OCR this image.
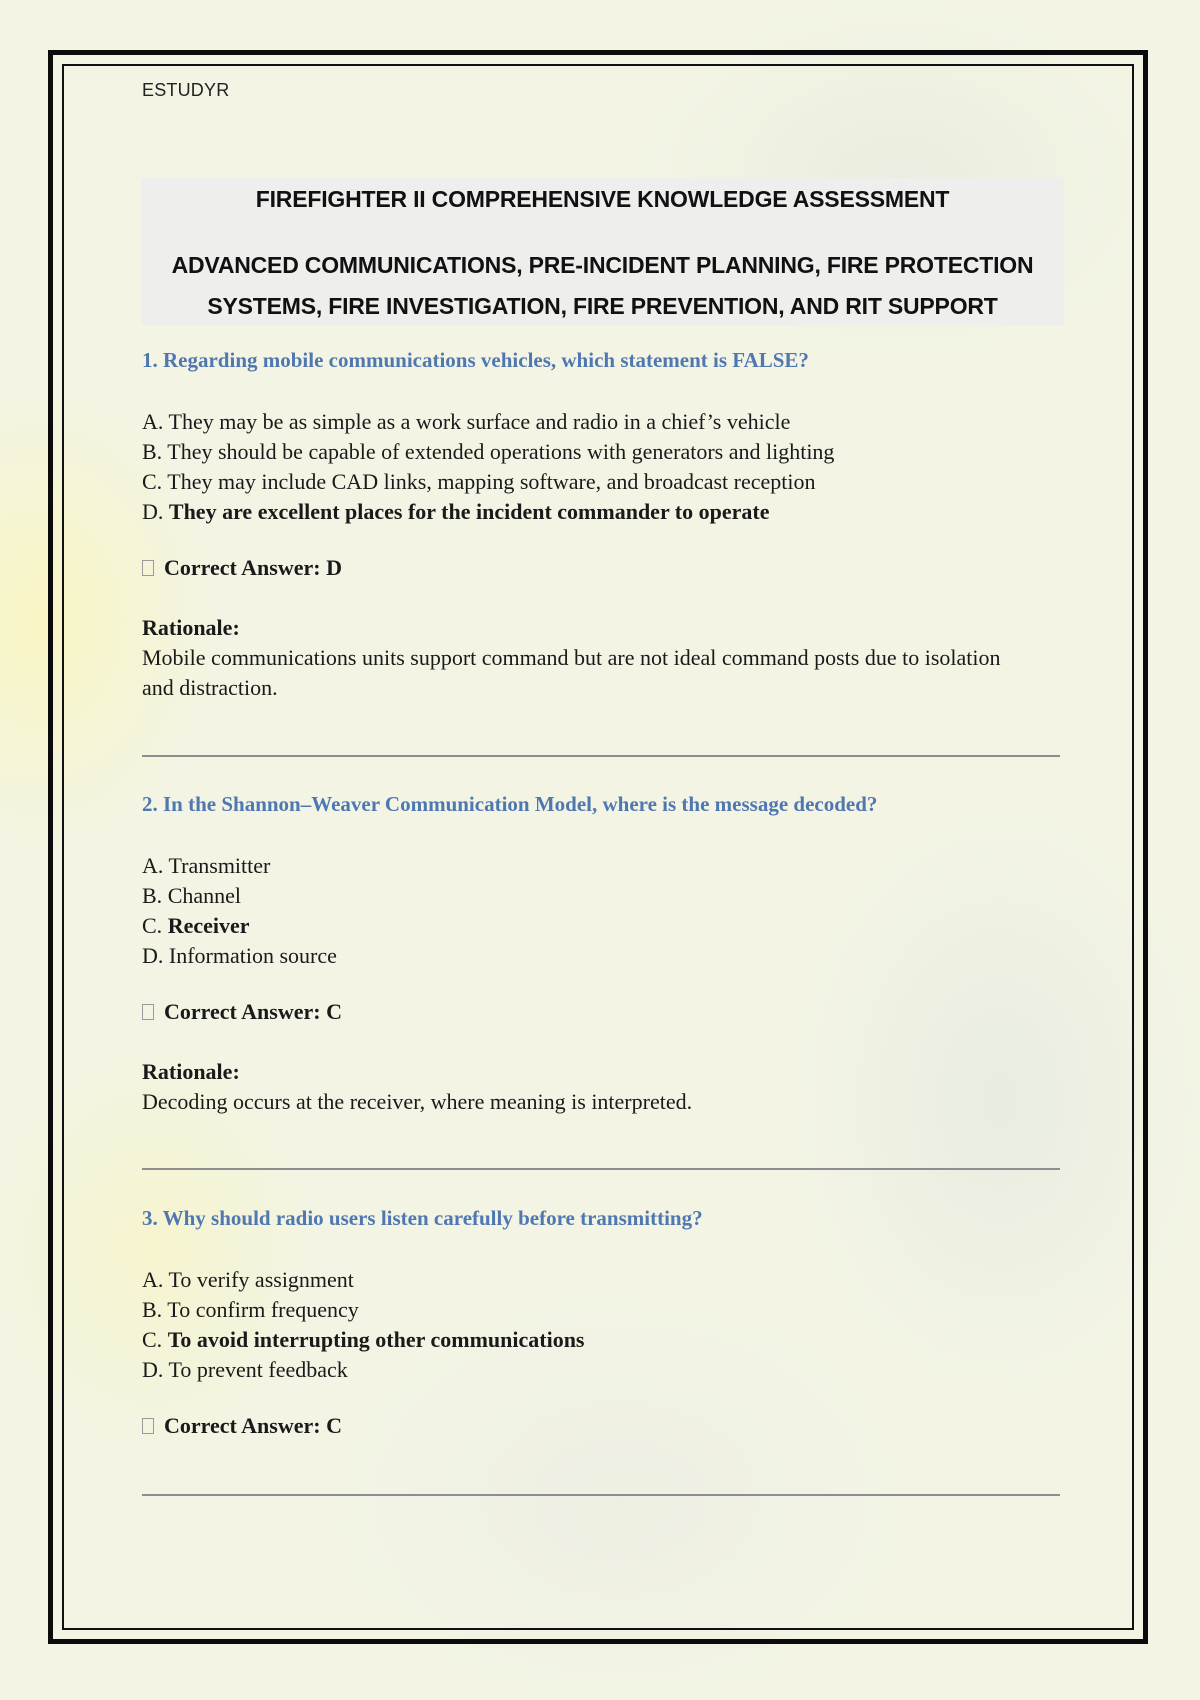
ESTUDYR
FIREFIGHTER II COMPREHENSIVE KNOWLEDGE ASSESSMENT
ADVANCED COMMUNICATIONS, PRE-INCIDENT PLANNING, FIRE PROTECTION SYSTEMS, FIRE INVESTIGATION, FIRE PREVENTION, AND RIT SUPPORT

1. Regarding mobile communications vehicles, which statement is FALSE?

A. They may be as simple as a work surface and radio in a chief’s vehicle
B. They should be capable of extended operations with generators and lighting
C. They may include CAD links, mapping software, and broadcast reception
D. They are excellent places for the incident commander to operate
Correct Answer: D
Rationale:
Mobile communications units support command but are not ideal command posts due to isolation and distraction.

2. In the Shannon–Weaver Communication Model, where is the message decoded?

A. Transmitter
B. Channel
C. Receiver
D. Information source
Correct Answer: C
Rationale:
Decoding occurs at the receiver, where meaning is interpreted.

3. Why should radio users listen carefully before transmitting?

A. To verify assignment
B. To confirm frequency
C. To avoid interrupting other communications
D. To prevent feedback
Correct Answer: C
